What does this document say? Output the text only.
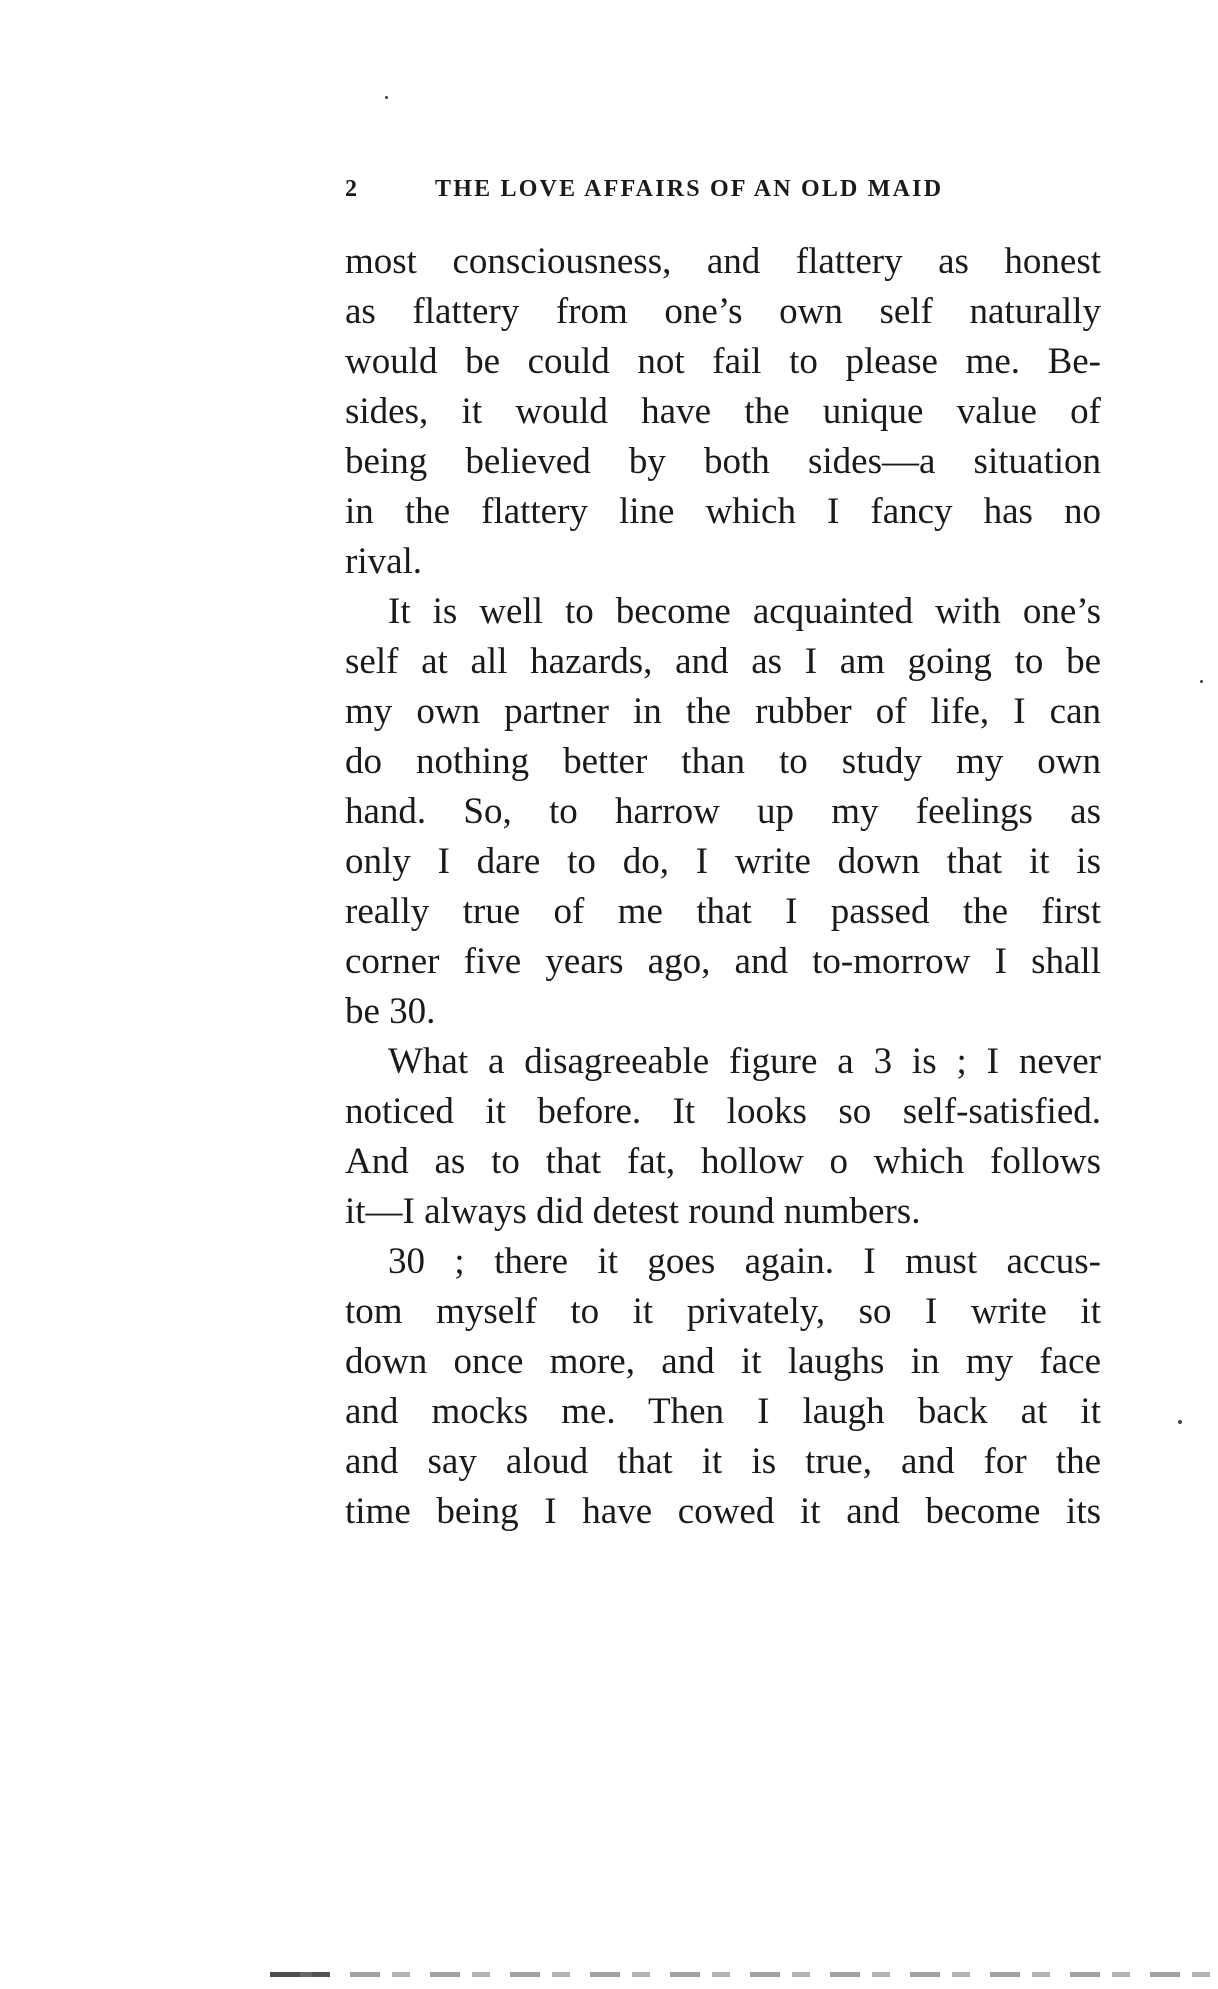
2	THE LOVE AFFAIRS OF AN OLD MAID
most consciousness, and flattery as honest
as flattery from one’s own self naturally
would be could not fail to please me. Be-
sides, it would have the unique value of
being believed by both sides—a situation
in the flattery line which I fancy has no
rival.
It is well to become acquainted with one’s
self at all hazards, and as I am going to be
my own partner in the rubber of life, I can
do nothing better than to study my own
hand. So, to harrow up my feelings as
only I dare to do, I write down that it is
really true of me that I passed the first
corner five years ago, and to-morrow I shall
be 30.
What a disagreeable figure a 3 is ; I never
noticed it before. It looks so self-satisfied.
And as to that fat, hollow o which follows
it—I always did detest round numbers.
30 ; there it goes again. I must accus-
tom myself to it privately, so I write it
down once more, and it laughs in my face
and mocks me. Then I laugh back at it
and say aloud that it is true, and for the
time being I have cowed it and become its
